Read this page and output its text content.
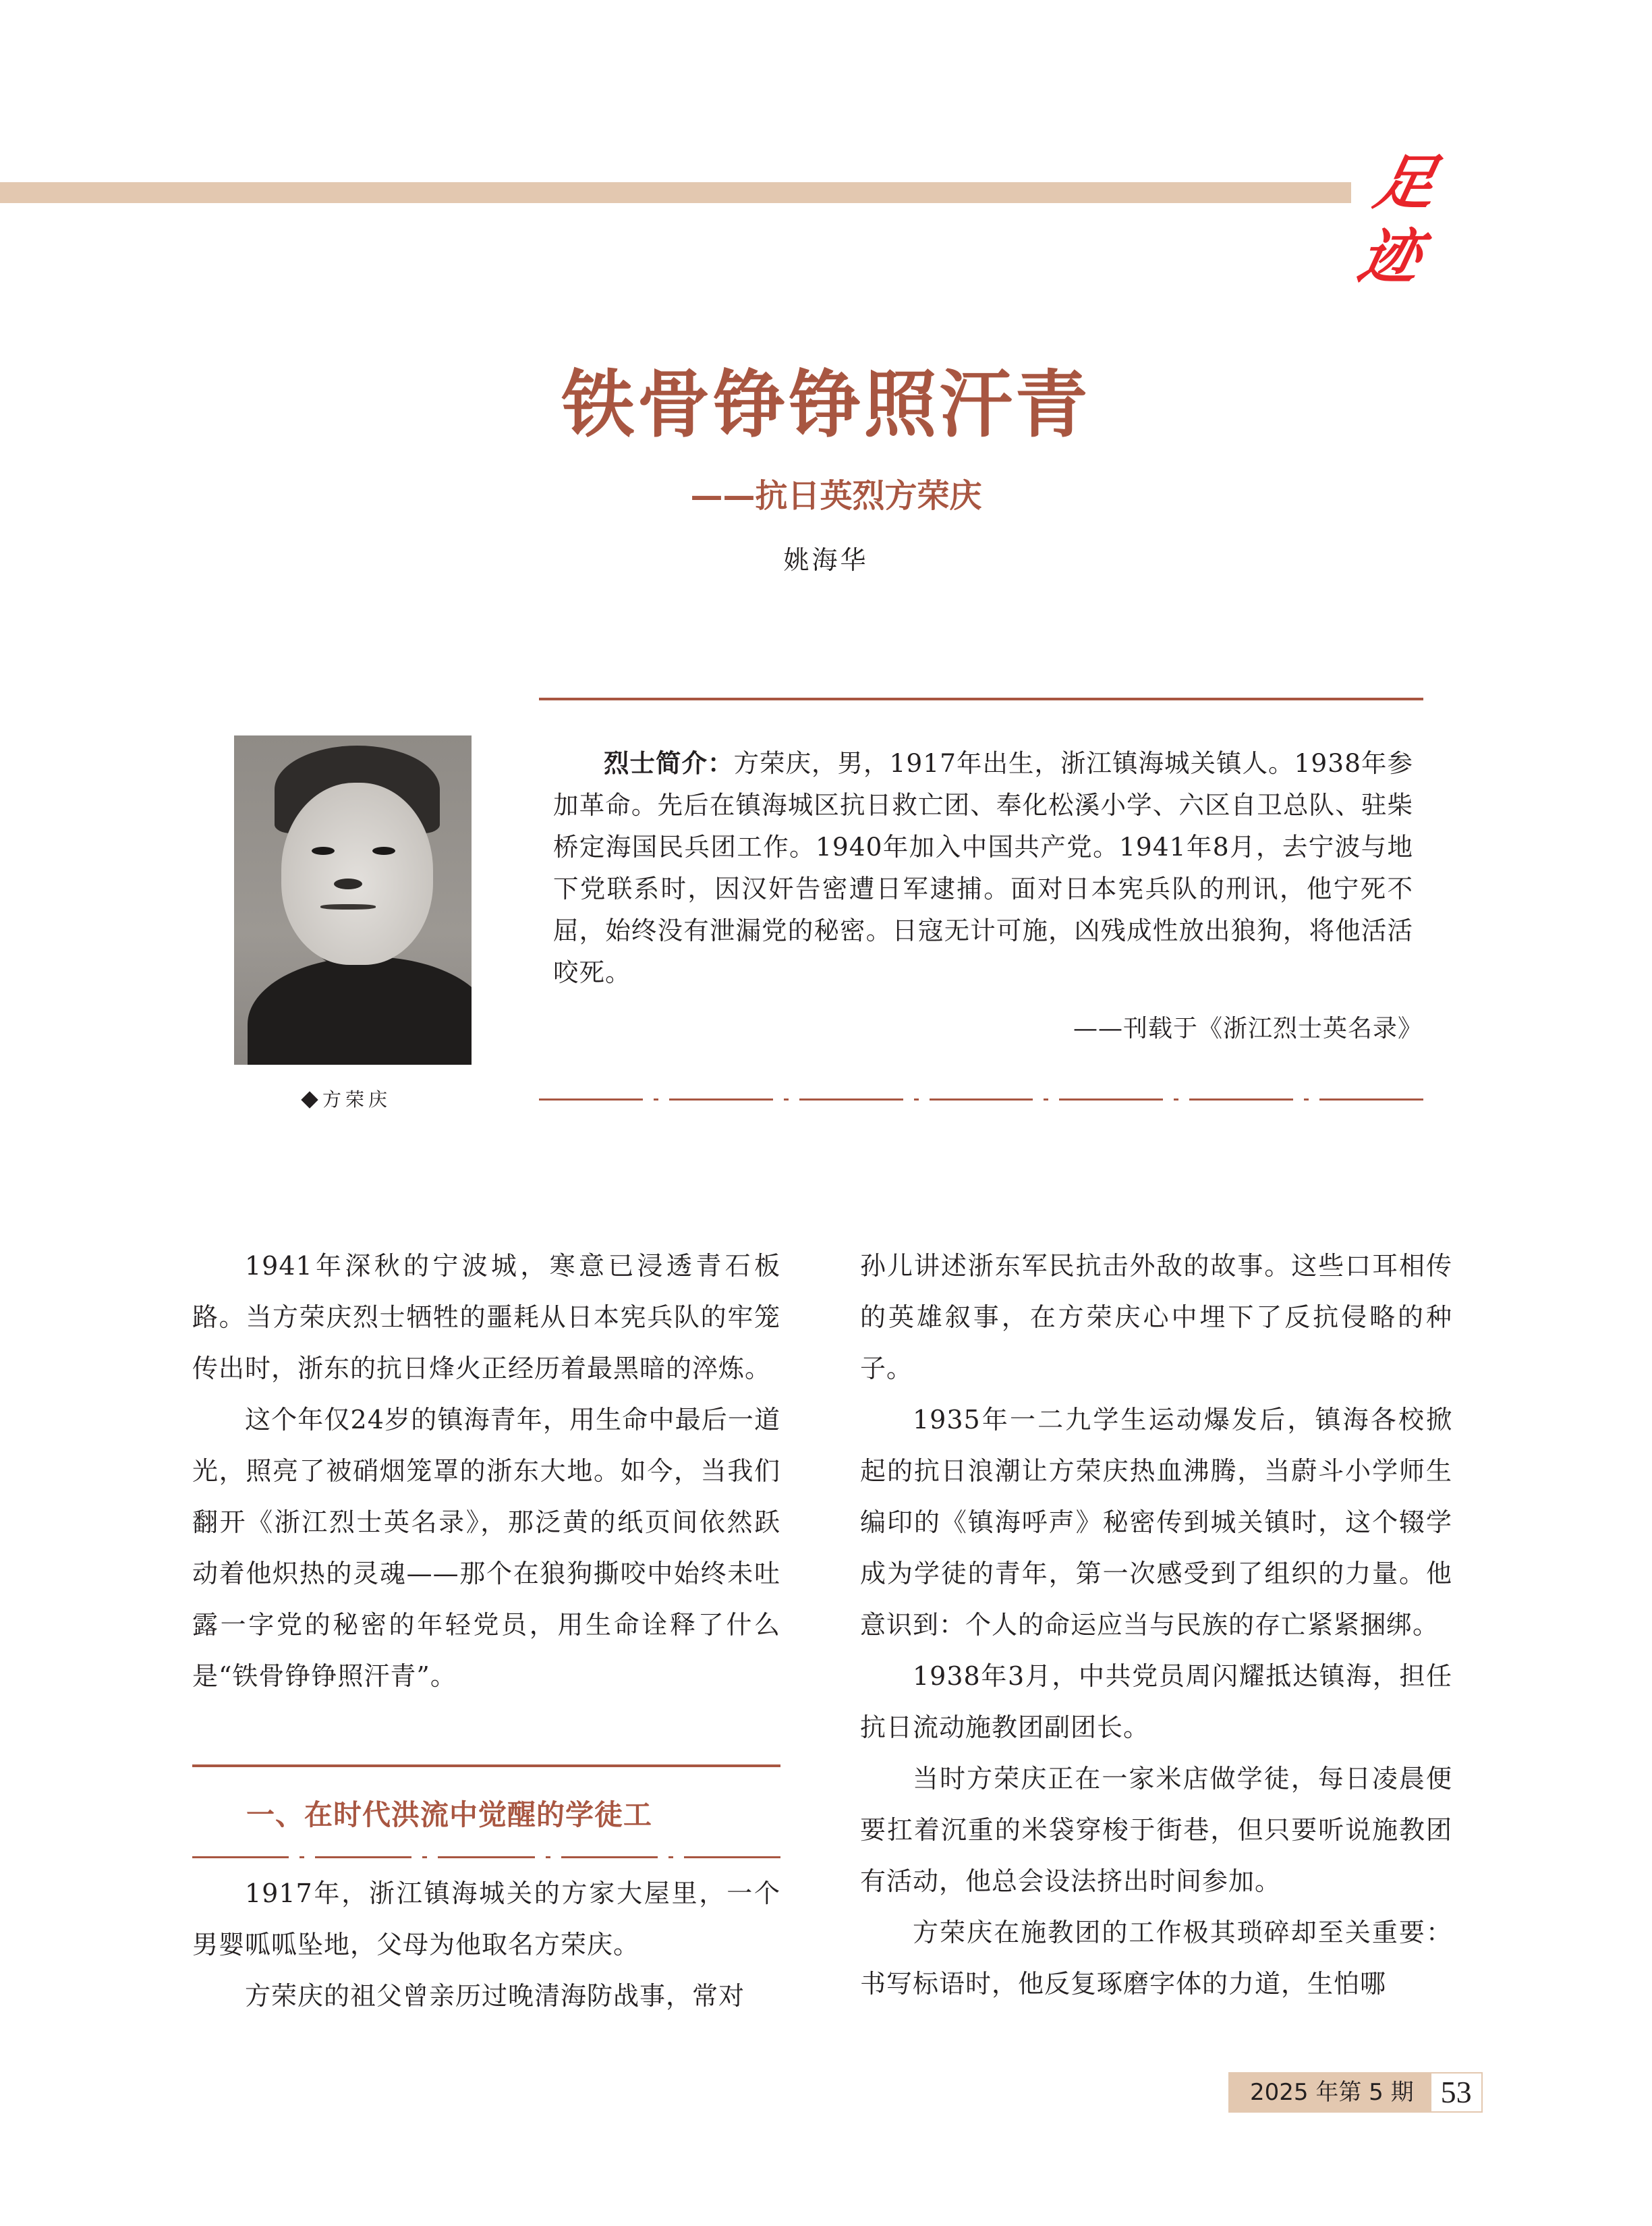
足迹
铁骨铮铮照汗青
——抗日英烈方荣庆
姚海华
方荣庆
烈士简介：方荣庆，男，1917年出生，浙江镇海城关镇人。1938年参加革命。先后在镇海城区抗日救亡团、奉化松溪小学、六区自卫总队、驻柴桥定海国民兵团工作。1940年加入中国共产党。1941年8月，去宁波与地下党联系时，因汉奸告密遭日军逮捕。面对日本宪兵队的刑讯，他宁死不屈，始终没有泄漏党的秘密。日寇无计可施，凶残成性放出狼狗，将他活活咬死。
——刊载于《浙江烈士英名录》

1941年深秋的宁波城，寒意已浸透青石板路。当方荣庆烈士牺牲的噩耗从日本宪兵队的牢笼传出时，浙东的抗日烽火正经历着最黑暗的淬炼。

这个年仅24岁的镇海青年，用生命中最后一道光，照亮了被硝烟笼罩的浙东大地。如今，当我们翻开《浙江烈士英名录》，那泛黄的纸页间依然跃动着他炽热的灵魂——那个在狼狗撕咬中始终未吐露一字党的秘密的年轻党员，用生命诠释了什么是“铁骨铮铮照汗青”。

一、在时代洪流中觉醒的学徒工

1917年，浙江镇海城关的方家大屋里，一个男婴呱呱坠地，父母为他取名方荣庆。

方荣庆的祖父曾亲历过晚清海防战事，常对

孙儿讲述浙东军民抗击外敌的故事。这些口耳相传的英雄叙事，在方荣庆心中埋下了反抗侵略的种子。

1935年一二九学生运动爆发后，镇海各校掀起的抗日浪潮让方荣庆热血沸腾，当蔚斗小学师生编印的《镇海呼声》秘密传到城关镇时，这个辍学成为学徒的青年，第一次感受到了组织的力量。他意识到：个人的命运应当与民族的存亡紧紧捆绑。

1938年3月，中共党员周闪耀抵达镇海，担任抗日流动施教团副团长。

当时方荣庆正在一家米店做学徒，每日凌晨便要扛着沉重的米袋穿梭于街巷，但只要听说施教团有活动，他总会设法挤出时间参加。

方荣庆在施教团的工作极其琐碎却至关重要：书写标语时，他反复琢磨字体的力道，生怕哪

2025 年第 5 期 53
